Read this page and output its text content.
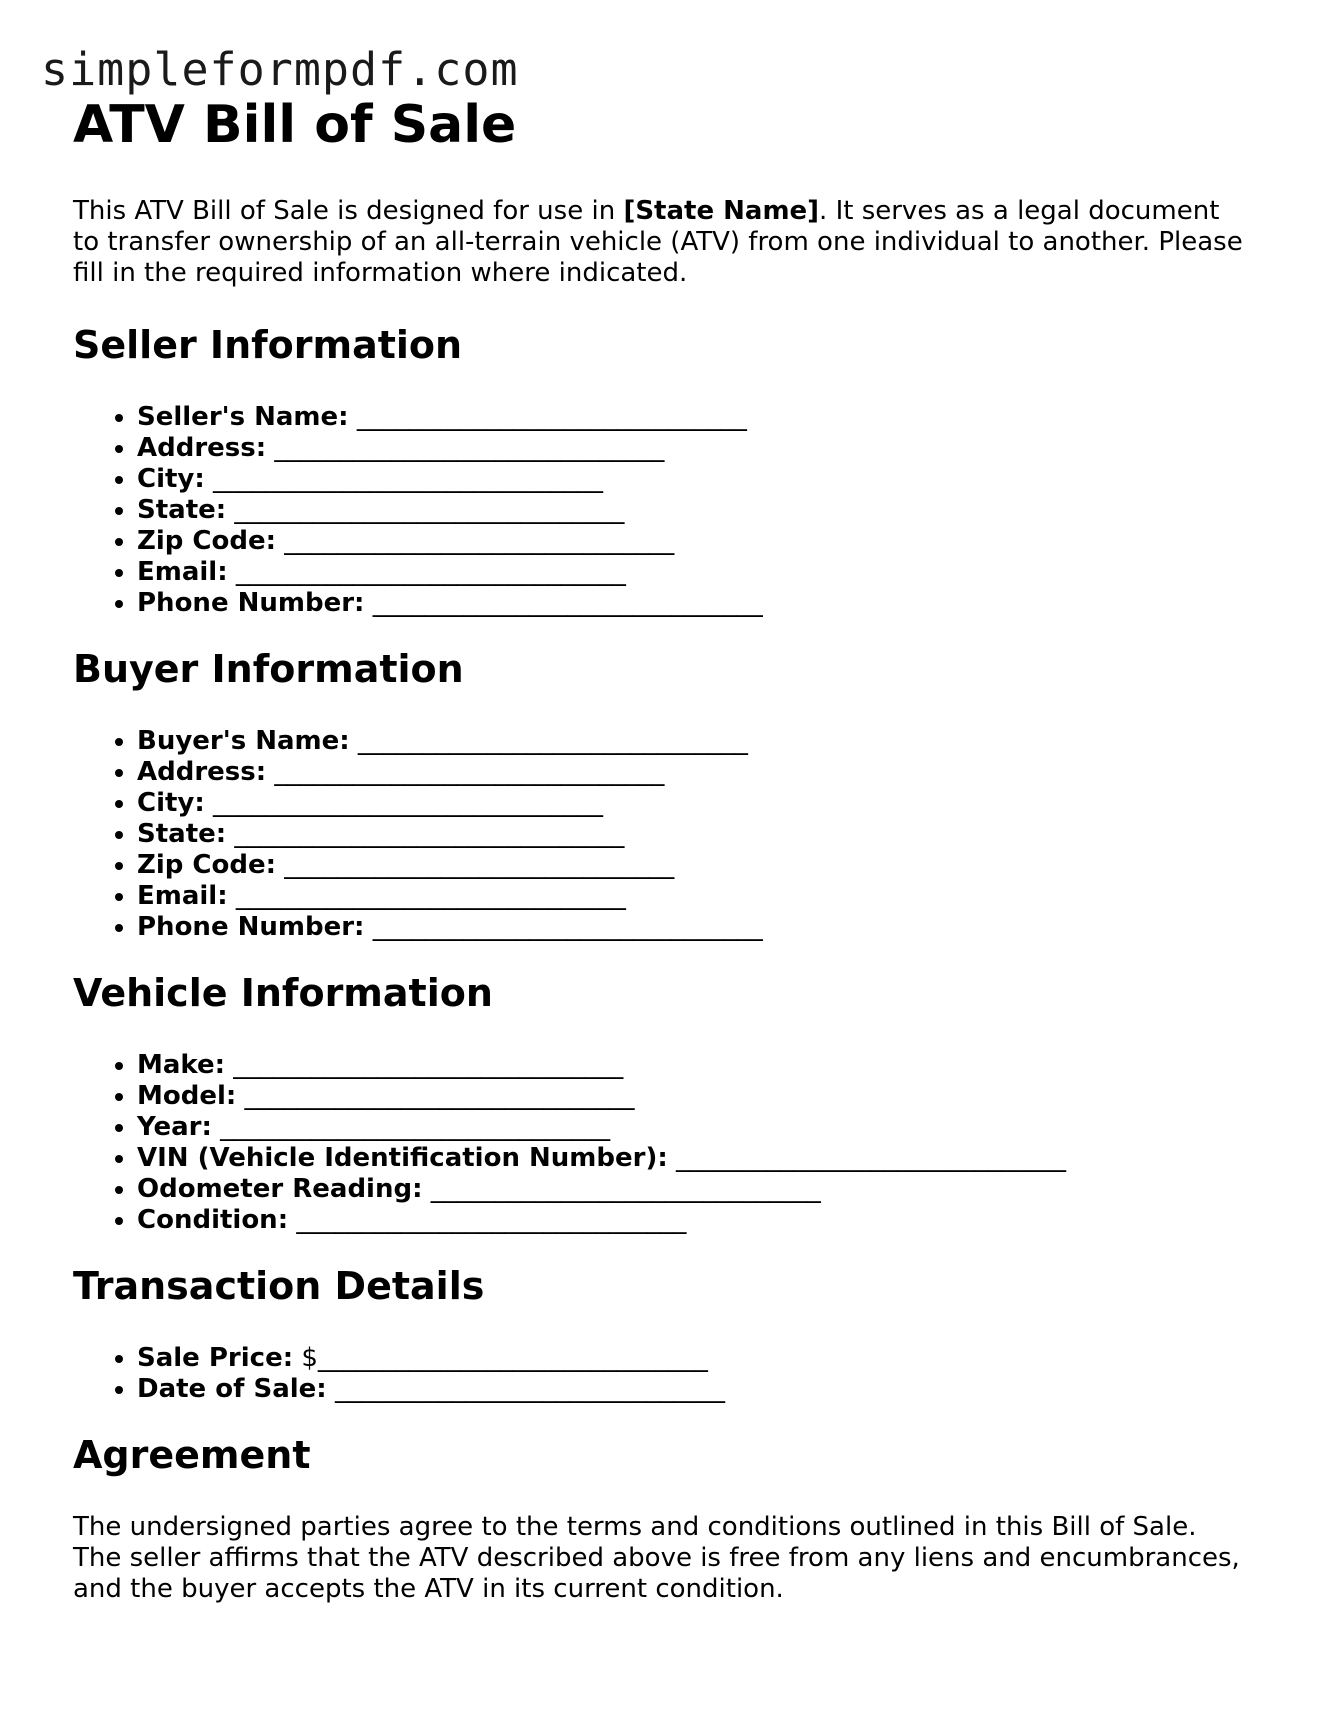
simpleformpdf.com
ATV Bill of Sale

This ATV Bill of Sale is designed for use in [State Name]. It serves as a legal document to transfer ownership of an all-terrain vehicle (ATV) from one individual to another. Please fill in the required information where indicated.

Seller Information
• Seller's Name: ______________________________
• Address: ______________________________
• City: ______________________________
• State: ______________________________
• Zip Code: ______________________________
• Email: ______________________________
• Phone Number: ______________________________
Buyer Information
• Buyer's Name: ______________________________
• Address: ______________________________
• City: ______________________________
• State: ______________________________
• Zip Code: ______________________________
• Email: ______________________________
• Phone Number: ______________________________
Vehicle Information
• Make: ______________________________
• Model: ______________________________
• Year: ______________________________
• VIN (Vehicle Identification Number): ______________________________
• Odometer Reading: ______________________________
• Condition: ______________________________
Transaction Details
• Sale Price: $______________________________
• Date of Sale: ______________________________
Agreement

The undersigned parties agree to the terms and conditions outlined in this Bill of Sale. The seller affirms that the ATV described above is free from any liens and encumbrances, and the buyer accepts the ATV in its current condition.
